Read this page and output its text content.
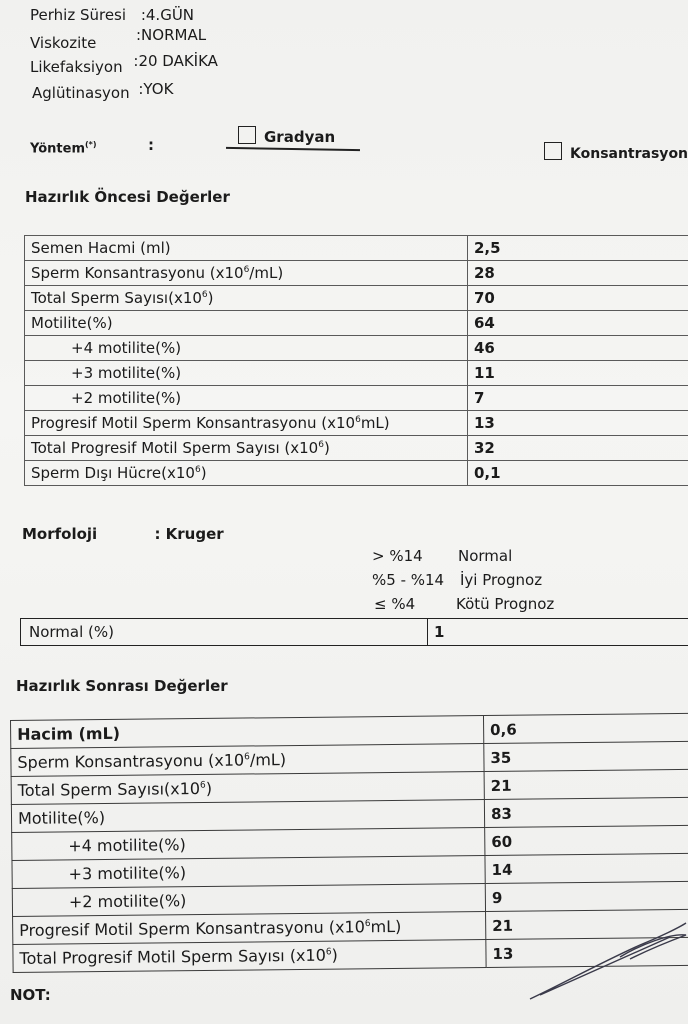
Perhiz Süresi :4.GÜN
Viskozite	:NORMAL
Likefaksiyon :20 DAKİKA
Aglütinasyon :YOK
Yöntem(*)	:	Gradyan
Konsantrasyon
Hazırlık Öncesi Değerler
Semen Hacmi (ml)	2,5
Sperm Konsantrasyonu $(x10^6/mL)$	28
Total Sperm $Sayısı(x10^6)$	70
Motilite(%)	64
+4 motilite(%)	46
+3 motilite(%)	11
+2 motilite(%)	7
Progresif Motil Sperm Konsantrasyonu $(x10^6mL)$	13
Total Progresif Motil Sperm Sayısı $(x10^6)$	32
Sperm Dışı $Hücre(x10^6)$	0,1
Morfoloji	: Kruger
> %14 Normal
%5 - %14 İyi Prognoz
≤ %4	Kötü Prognoz
Normal (%)	1
Hazırlık Sonrası Değerler
Hacim (mL)	0,6
Sperm Konsantrasyonu $(x10^6/mL)$	35
Total Sperm $Sayısı(x10^6)$	21
Motilite(%)	83
+4 motilite(%)	60
+3 motilite(%)	14
+2 motilite(%)	9
Progresif Motil Sperm Konsantrasyonu $(x10^6mL)$	21
Total Progresif Motil Sperm Sayısı $(x10^6)$	13
NOT:
